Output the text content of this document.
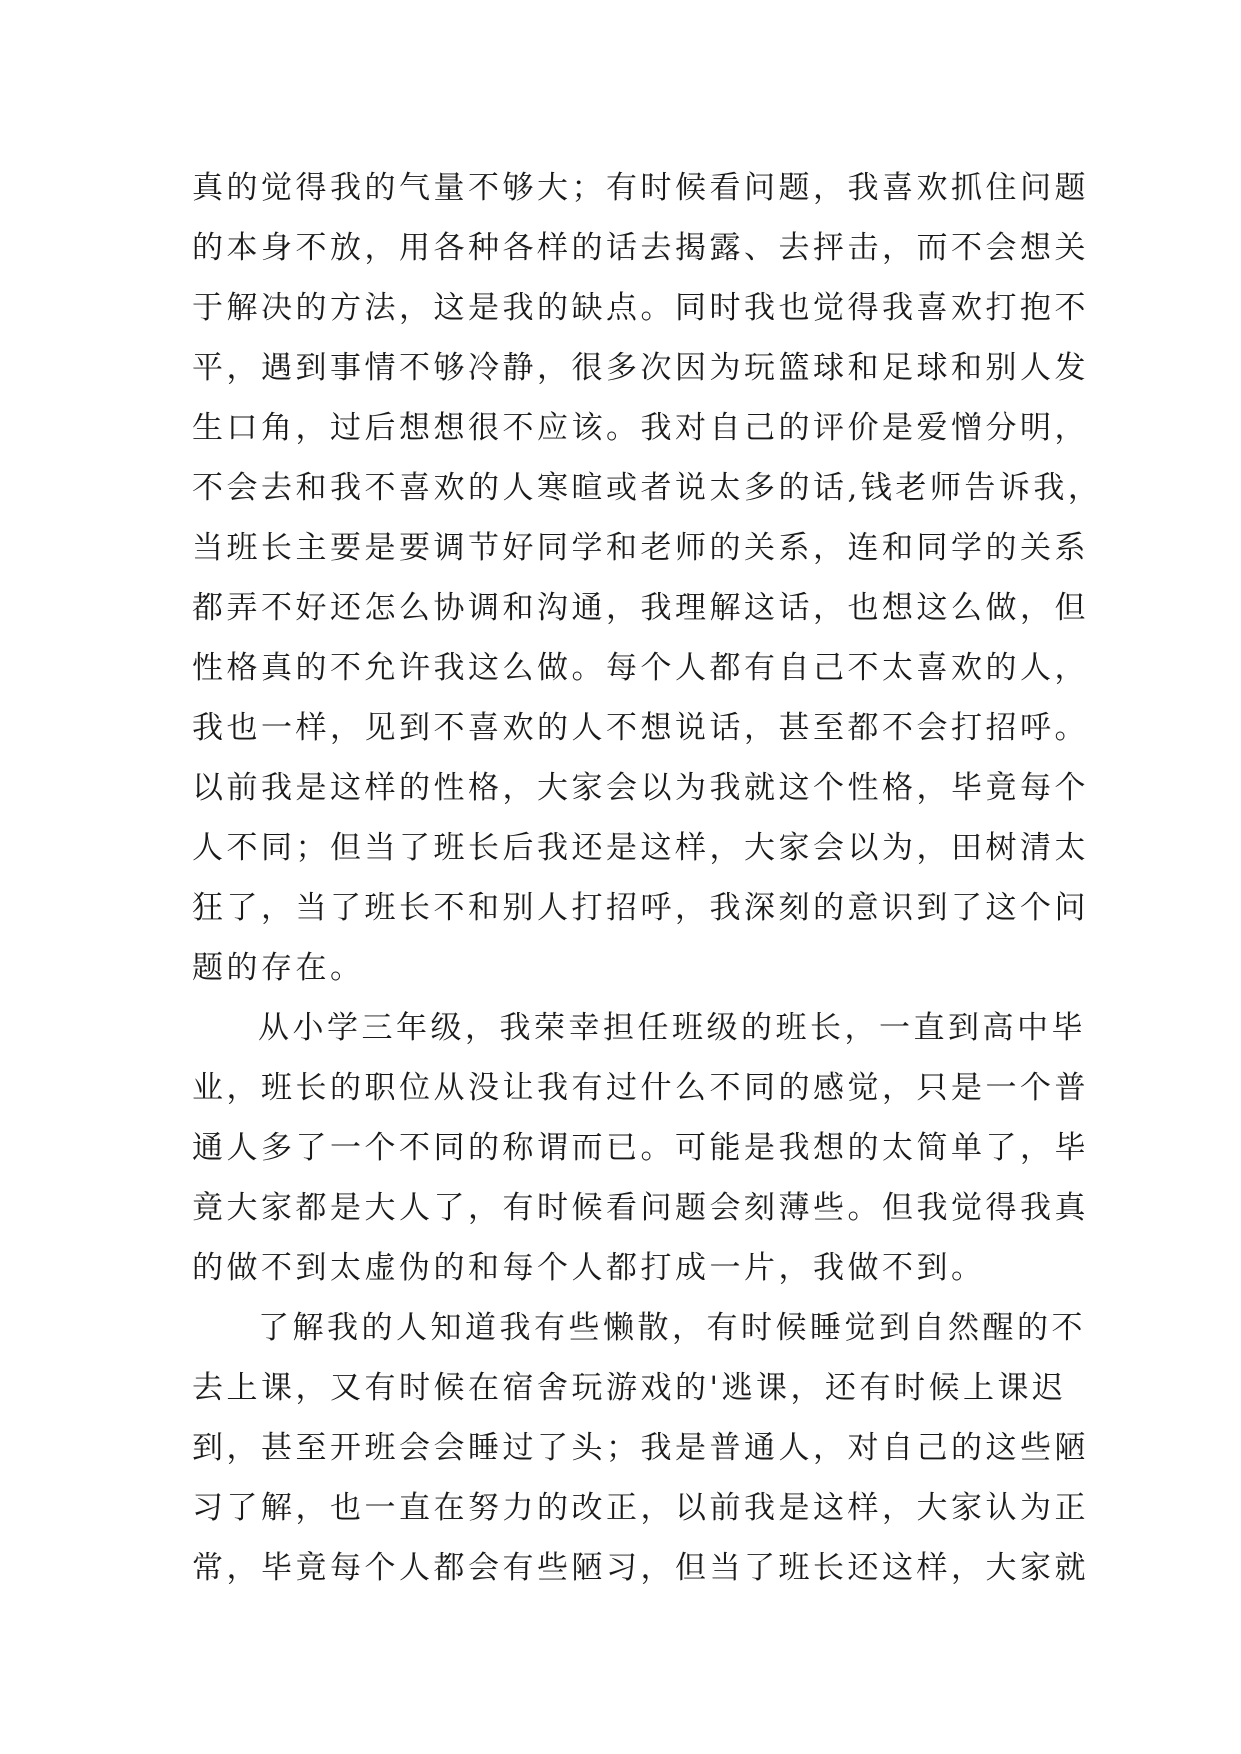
真的觉得我的气量不够大；有时候看问题，我喜欢抓住问题
的本身不放，用各种各样的话去揭露、去抨击，而不会想关
于解决的方法，这是我的缺点。同时我也觉得我喜欢打抱不
平，遇到事情不够冷静，很多次因为玩篮球和足球和别人发
生口角，过后想想很不应该。我对自己的评价是爱憎分明，
不会去和我不喜欢的人寒暄或者说太多的话,钱老师告诉我，
当班长主要是要调节好同学和老师的关系，连和同学的关系
都弄不好还怎么协调和沟通，我理解这话，也想这么做，但
性格真的不允许我这么做。每个人都有自己不太喜欢的人，
我也一样，见到不喜欢的人不想说话，甚至都不会打招呼。
以前我是这样的性格，大家会以为我就这个性格，毕竟每个
人不同；但当了班长后我还是这样，大家会以为，田树清太
狂了，当了班长不和别人打招呼，我深刻的意识到了这个问
题的存在。
从小学三年级，我荣幸担任班级的班长，一直到高中毕
业，班长的职位从没让我有过什么不同的感觉，只是一个普
通人多了一个不同的称谓而已。可能是我想的太简单了，毕
竟大家都是大人了，有时候看问题会刻薄些。但我觉得我真
的做不到太虚伪的和每个人都打成一片，我做不到。
了解我的人知道我有些懒散，有时候睡觉到自然醒的不
去上课，又有时候在宿舍玩游戏的'逃课，还有时候上课迟
到，甚至开班会会睡过了头；我是普通人，对自己的这些陋
习了解，也一直在努力的改正，以前我是这样，大家认为正
常，毕竟每个人都会有些陋习，但当了班长还这样，大家就
